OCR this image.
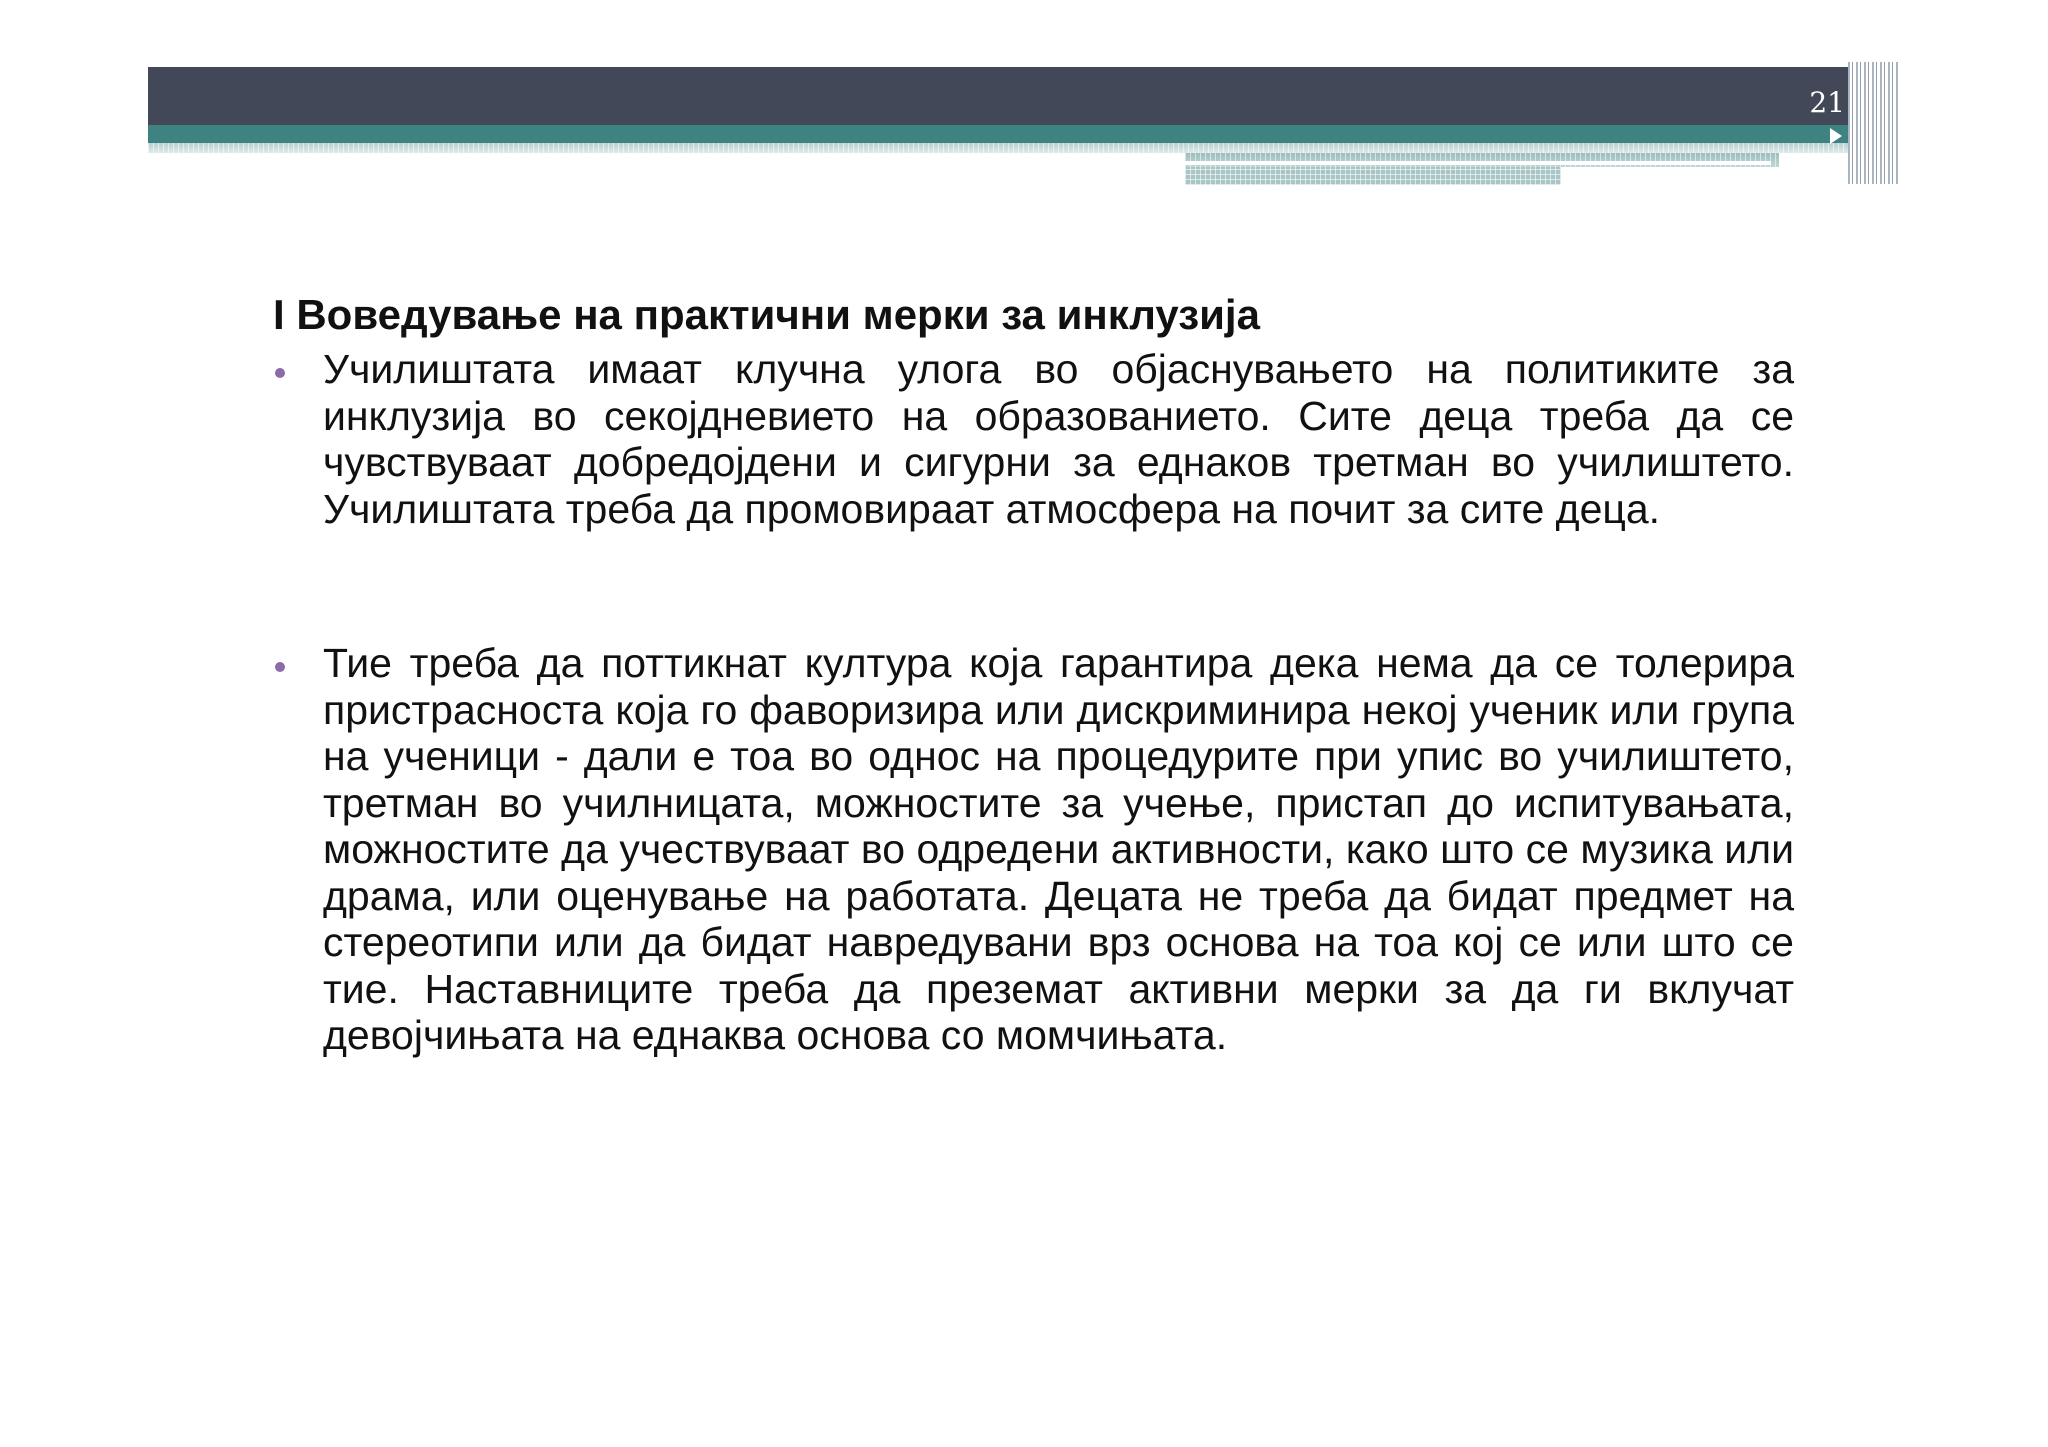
21
I Воведување на практични мерки за инклузија

Училиштата имаат клучна улога во објаснувањето на политиките за инклузија во секојдневието на образованието. Сите деца треба да се чувствуваат добредојдени и сигурни за еднаков третман во училиштето. Училиштата треба да промовираат атмосфера на почит за сите деца.

Тие треба да поттикнат култура која гарантира дека нема да се толерира пристрасноста која го фаворизира или дискриминира некој ученик или група на ученици - дали е тоа во однос на процедурите при упис во училиштето, третман во училницата, можностите за учење, пристап до испитувањата, можностите да учествуваат во одредени активности, како што се музика или драма, или оценување на работата. Децата не треба да бидат предмет на стереотипи или да бидат навредувани врз основа на тоа кој се или што се тие. Наставниците треба да преземат активни мерки за да ги вклучат девојчињата на еднаква основа со момчињата.
